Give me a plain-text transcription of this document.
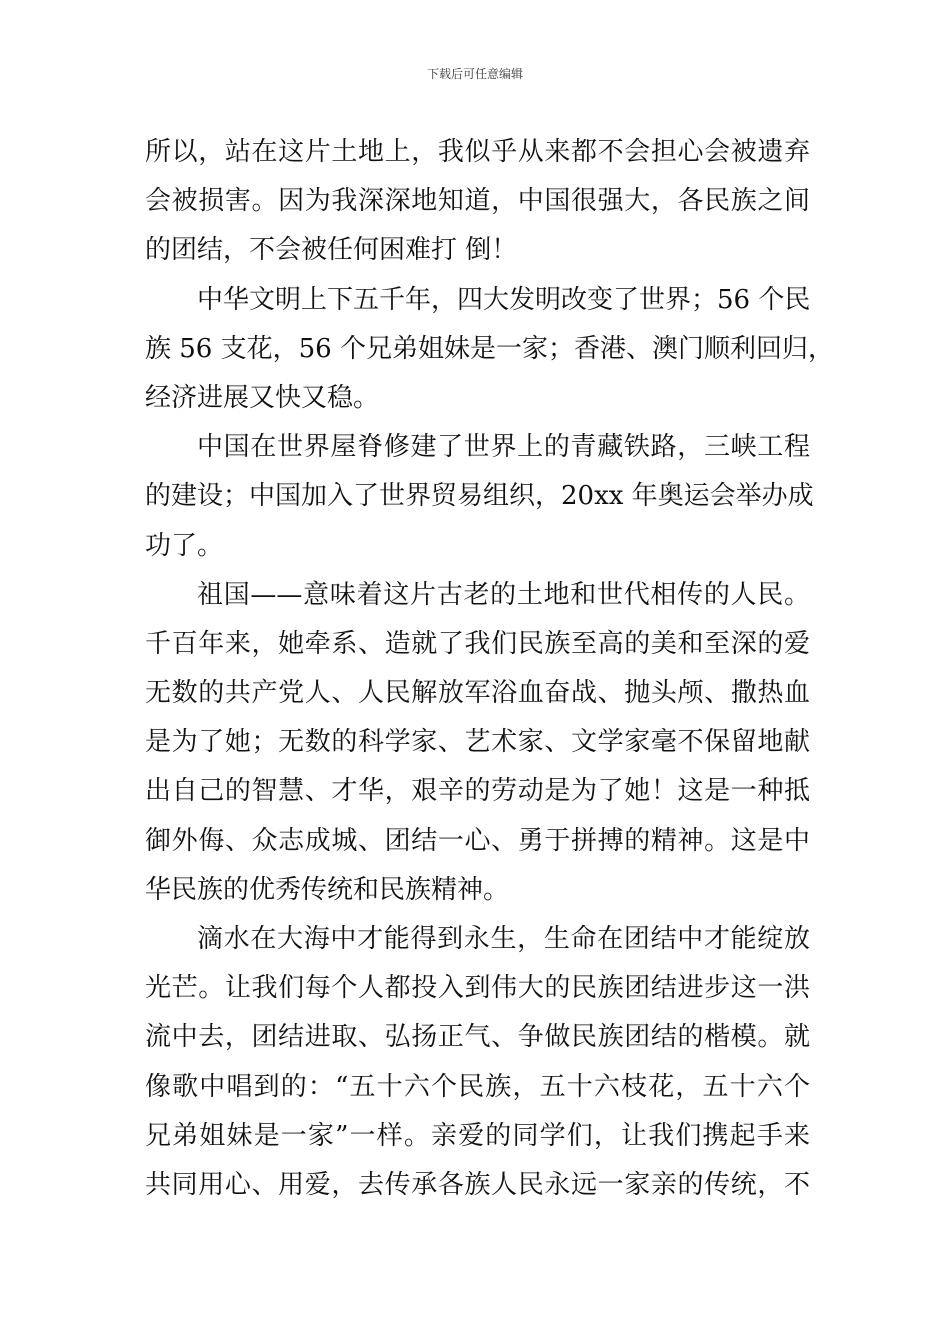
下载后可任意编辑
所以，站在这片土地上，我似乎从来都不会担心会被遗弃
会被损害。因为我深深地知道，中国很强大，各民族之间
的团结，不会被任何困难打 倒！
中华文明上下五千年，四大发明改变了世界；56 个民
族 56 支花，56 个兄弟姐妹是一家；香港、澳门顺利回归，
经济进展又快又稳。
中国在世界屋脊修建了世界上的青藏铁路，三峡工程
的建设；中国加入了世界贸易组织，20xx 年奥运会举办成
功了。
祖国——意味着这片古老的土地和世代相传的人民。
千百年来，她牵系、造就了我们民族至高的美和至深的爱
无数的共产党人、人民解放军浴血奋战、抛头颅、撒热血
是为了她；无数的科学家、艺术家、文学家毫不保留地献
出自己的智慧、才华，艰辛的劳动是为了她！这是一种抵
御外侮、众志成城、团结一心、勇于拼搏的精神。这是中
华民族的优秀传统和民族精神。
滴水在大海中才能得到永生，生命在团结中才能绽放
光芒。让我们每个人都投入到伟大的民族团结进步这一洪
流中去，团结进取、弘扬正气、争做民族团结的楷模。就
像歌中唱到的：“五十六个民族，五十六枝花，五十六个
兄弟姐妹是一家”一样。亲爱的同学们，让我们携起手来
共同用心、用爱，去传承各族人民永远一家亲的传统，不
